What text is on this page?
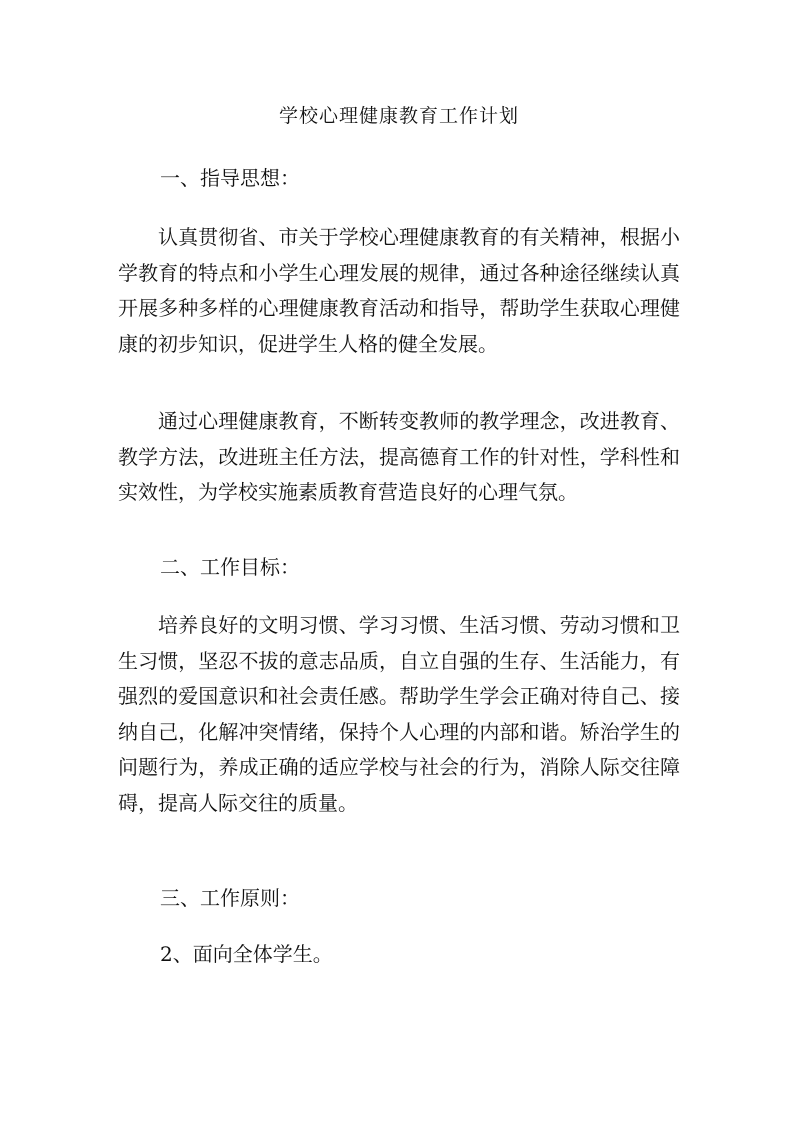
学校心理健康教育工作计划
一、指导思想：

认真贯彻省、市关于学校心理健康教育的有关精神，根据小学教育的特点和小学生心理发展的规律，通过各种途径继续认真开展多种多样的心理健康教育活动和指导，帮助学生获取心理健康的初步知识，促进学生人格的健全发展。

通过心理健康教育，不断转变教师的教学理念，改进教育、教学方法，改进班主任方法，提高德育工作的针对性，学科性和实效性，为学校实施素质教育营造良好的心理气氛。

二、工作目标：

培养良好的文明习惯、学习习惯、生活习惯、劳动习惯和卫生习惯，坚忍不拔的意志品质，自立自强的生存、生活能力，有强烈的爱国意识和社会责任感。帮助学生学会正确对待自己、接纳自己，化解冲突情绪，保持个人心理的内部和谐。矫治学生的问题行为，养成正确的适应学校与社会的行为，消除人际交往障碍，提高人际交往的质量。

三、工作原则：
2、面向全体学生。
